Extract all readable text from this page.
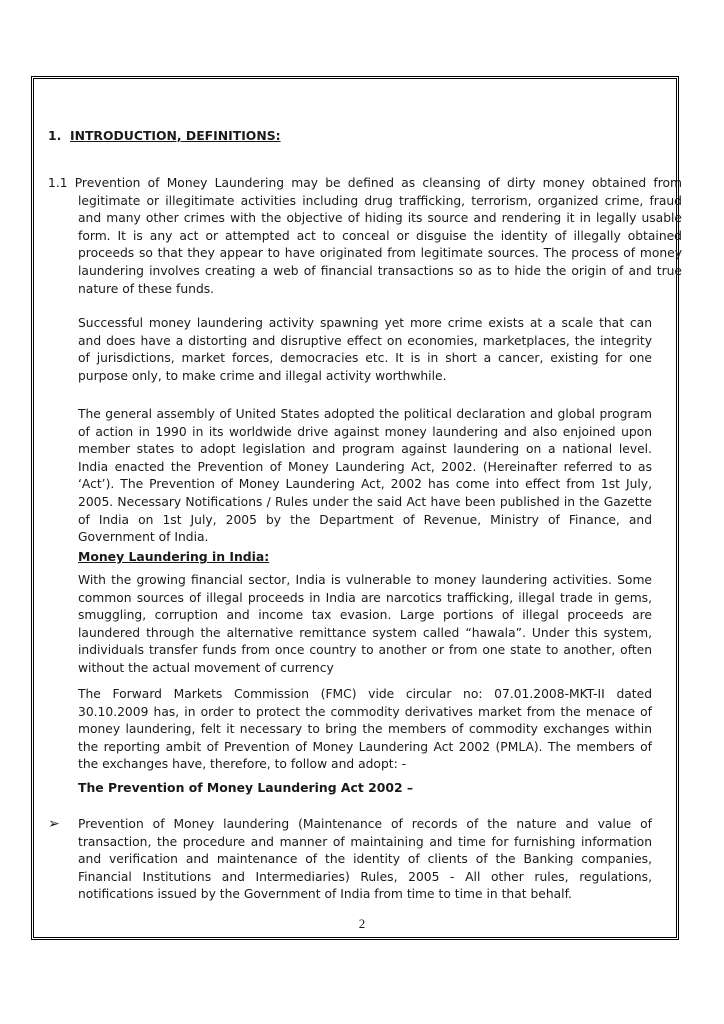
1. INTRODUCTION, DEFINITIONS:

1.1 Prevention of Money Laundering may be defined as cleansing of dirty money obtained from legitimate or illegitimate activities including drug trafficking, terrorism, organized crime, fraud and many other crimes with the objective of hiding its source and rendering it in legally usable form. It is any act or attempted act to conceal or disguise the identity of illegally obtained proceeds so that they appear to have originated from legitimate sources. The process of money laundering involves creating a web of financial transactions so as to hide the origin of and true nature of these funds.

Successful money laundering activity spawning yet more crime exists at a scale that can and does have a distorting and disruptive effect on economies, marketplaces, the integrity of jurisdictions, market forces, democracies etc. It is in short a cancer, existing for one purpose only, to make crime and illegal activity worthwhile.

The general assembly of United States adopted the political declaration and global program of action in 1990 in its worldwide drive against money laundering and also enjoined upon member states to adopt legislation and program against laundering on a national level. India enacted the Prevention of Money Laundering Act, 2002. (Hereinafter referred to as ‘Act’). The Prevention of Money Laundering Act, 2002 has come into effect from 1st July, 2005. Necessary Notifications / Rules under the said Act have been published in the Gazette of India on 1st July, 2005 by the Department of Revenue, Ministry of Finance, and Government of India.

Money Laundering in India:

With the growing financial sector, India is vulnerable to money laundering activities. Some common sources of illegal proceeds in India are narcotics trafficking, illegal trade in gems, smuggling, corruption and income tax evasion. Large portions of illegal proceeds are laundered through the alternative remittance system called “hawala”. Under this system, individuals transfer funds from once country to another or from one state to another, often without the actual movement of currency

The Forward Markets Commission (FMC) vide circular no: 07.01.2008-MKT-II dated 30.10.2009 has, in order to protect the commodity derivatives market from the menace of money laundering, felt it necessary to bring the members of commodity exchanges within the reporting ambit of Prevention of Money Laundering Act 2002 (PMLA). The members of the exchanges have, therefore, to follow and adopt: -

The Prevention of Money Laundering Act 2002 –
➢	Prevention of Money laundering (Maintenance of records of the nature and value of transaction, the procedure and manner of maintaining and time for furnishing information and verification and maintenance of the identity of clients of the Banking companies, Financial Institutions and Intermediaries) Rules, 2005 - All other rules, regulations, notifications issued by the Government of India from time to time in that behalf.

2
